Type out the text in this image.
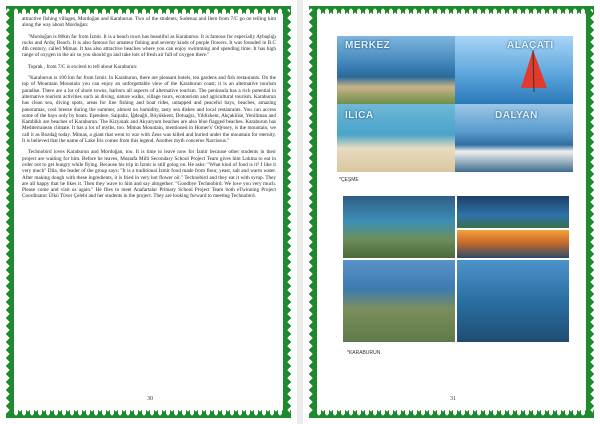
attractive fishing villages, Mordoğan and Karaburun. Two of the students, Sudenaz and Ilem from 7/C go on telling him along the way about Mordoğan:

"Mordoğan is 80km far from İzmir. It is a beach town has beautiful as Karaburun. It is famous for especially Aybaşlığı rocks and Ardıç Beach. It is also famous for amateur fishing and seventy kinds of purple flowers. It was founded in B.C 4th century, called Mimas. It has also attractive beaches where you can enjoy swimming and spending time. It has high range of oxygen in the air so you should go and take lots of fresh air full of oxygen there."

Toprak , from 7/C is excited to tell about Karaburun:

"Karaburun is 100 km far from Izmir. In Karaburun, there are pleasant hotels, tea gardens and fish restaurants. On the top of Mountain Mountain you can enjoy an unforgettable view of the Karaburun coast; it is an alternative tourism paradise. There are a lot of shore towns, harbors all aspects of alternative tourism. The peninsula has a rich potential in alternative tourism activities such as diving, nature walks, village tours, ecotourism and agricultural tourism. Karaburun has clean sea, diving spots, areas for line fishing and boat rides, untapped and peaceful bays, beaches, amazing panoramas, cool breeze during the summer, almost no humidity, tasty sea dishes and local restaurants. You can access some of the bays only by boats. Eşendere, Saipaliz, İğdeağlı, Böyükkent, Doluağız, Yildizkent, Akçakilise, Yeniliman and Kambiklı are beaches of Karaburun. The Kizyazak and Akyaryum beaches are also blue flagged beaches. Karaburun has Mediterranean climate. It has a lot of myths, too. Mimas Mountain, mentioned in Homer's' Odyssey, is the mountain, we call it as Bozdağ today. Mimas, a giant that went to war with Zeus was killed and buried under the mountain for eternity. It is believed that the name of Lake İris comes from this legend. Another myth concerns Narcissus."

Technobird loves Karaburun and Mordoğan, too. It is time to leave now for İzmir because other students in their project are waiting for him. Before he leaves, Mustafa Milli Secondary School Project Team gives him Lokma to eat in order not to get hungry while flying. Because his trip in İzmir is still going on. He asks: "What kind of food is it? I like it very much" Dila, the leader of the group says: "It is a traditional İzmir food made from flour, yeast, salt and warm water. After making dough with these ingredients, it is fried in very hot flower oil." Technobird and they eat it with syrup. They are all happy that he likes it. Then they wave to him and say altogether: "Goodbye Technobird. We love you very much. Please come and visit us again." He flies to meet Anafartalar Primary School Project Team both eTwinning Project Coordinator Ülkü Tüver Çelebi and her students in the project. They are looking forward to meeting Technobird.

30
MERKEZ	ALAÇATI
ILICA	DALYAN
*ÇEŞME
*KARABURUN
31
